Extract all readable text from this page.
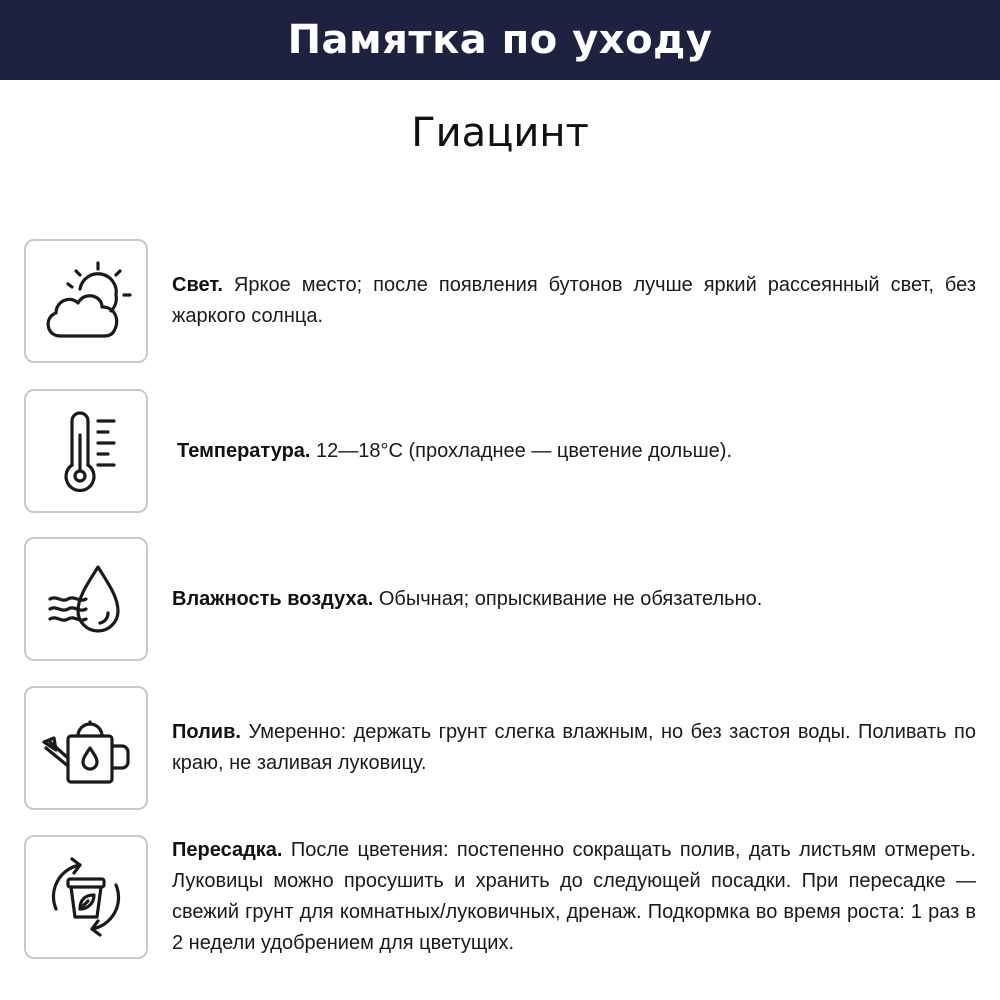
Памятка по уходу
Гиацинт

Свет. Яркое место; после появления бутонов лучше яркий рассеянный свет, без жаркого солнца.

Температура. 12—18°C (прохладнее — цветение дольше).

Влажность воздуха. Обычная; опрыскивание не обязательно.

Полив. Умеренно: держать грунт слегка влажным, но без застоя воды. Поливать по краю, не заливая луковицу.

Пересадка. После цветения: постепенно сокращать полив, дать листьям отмереть. Луковицы можно просушить и хранить до следующей посадки. При пересадке — свежий грунт для комнатных/луковичных, дренаж. Подкормка во время роста: 1 раз в 2 недели удобрением для цветущих.
